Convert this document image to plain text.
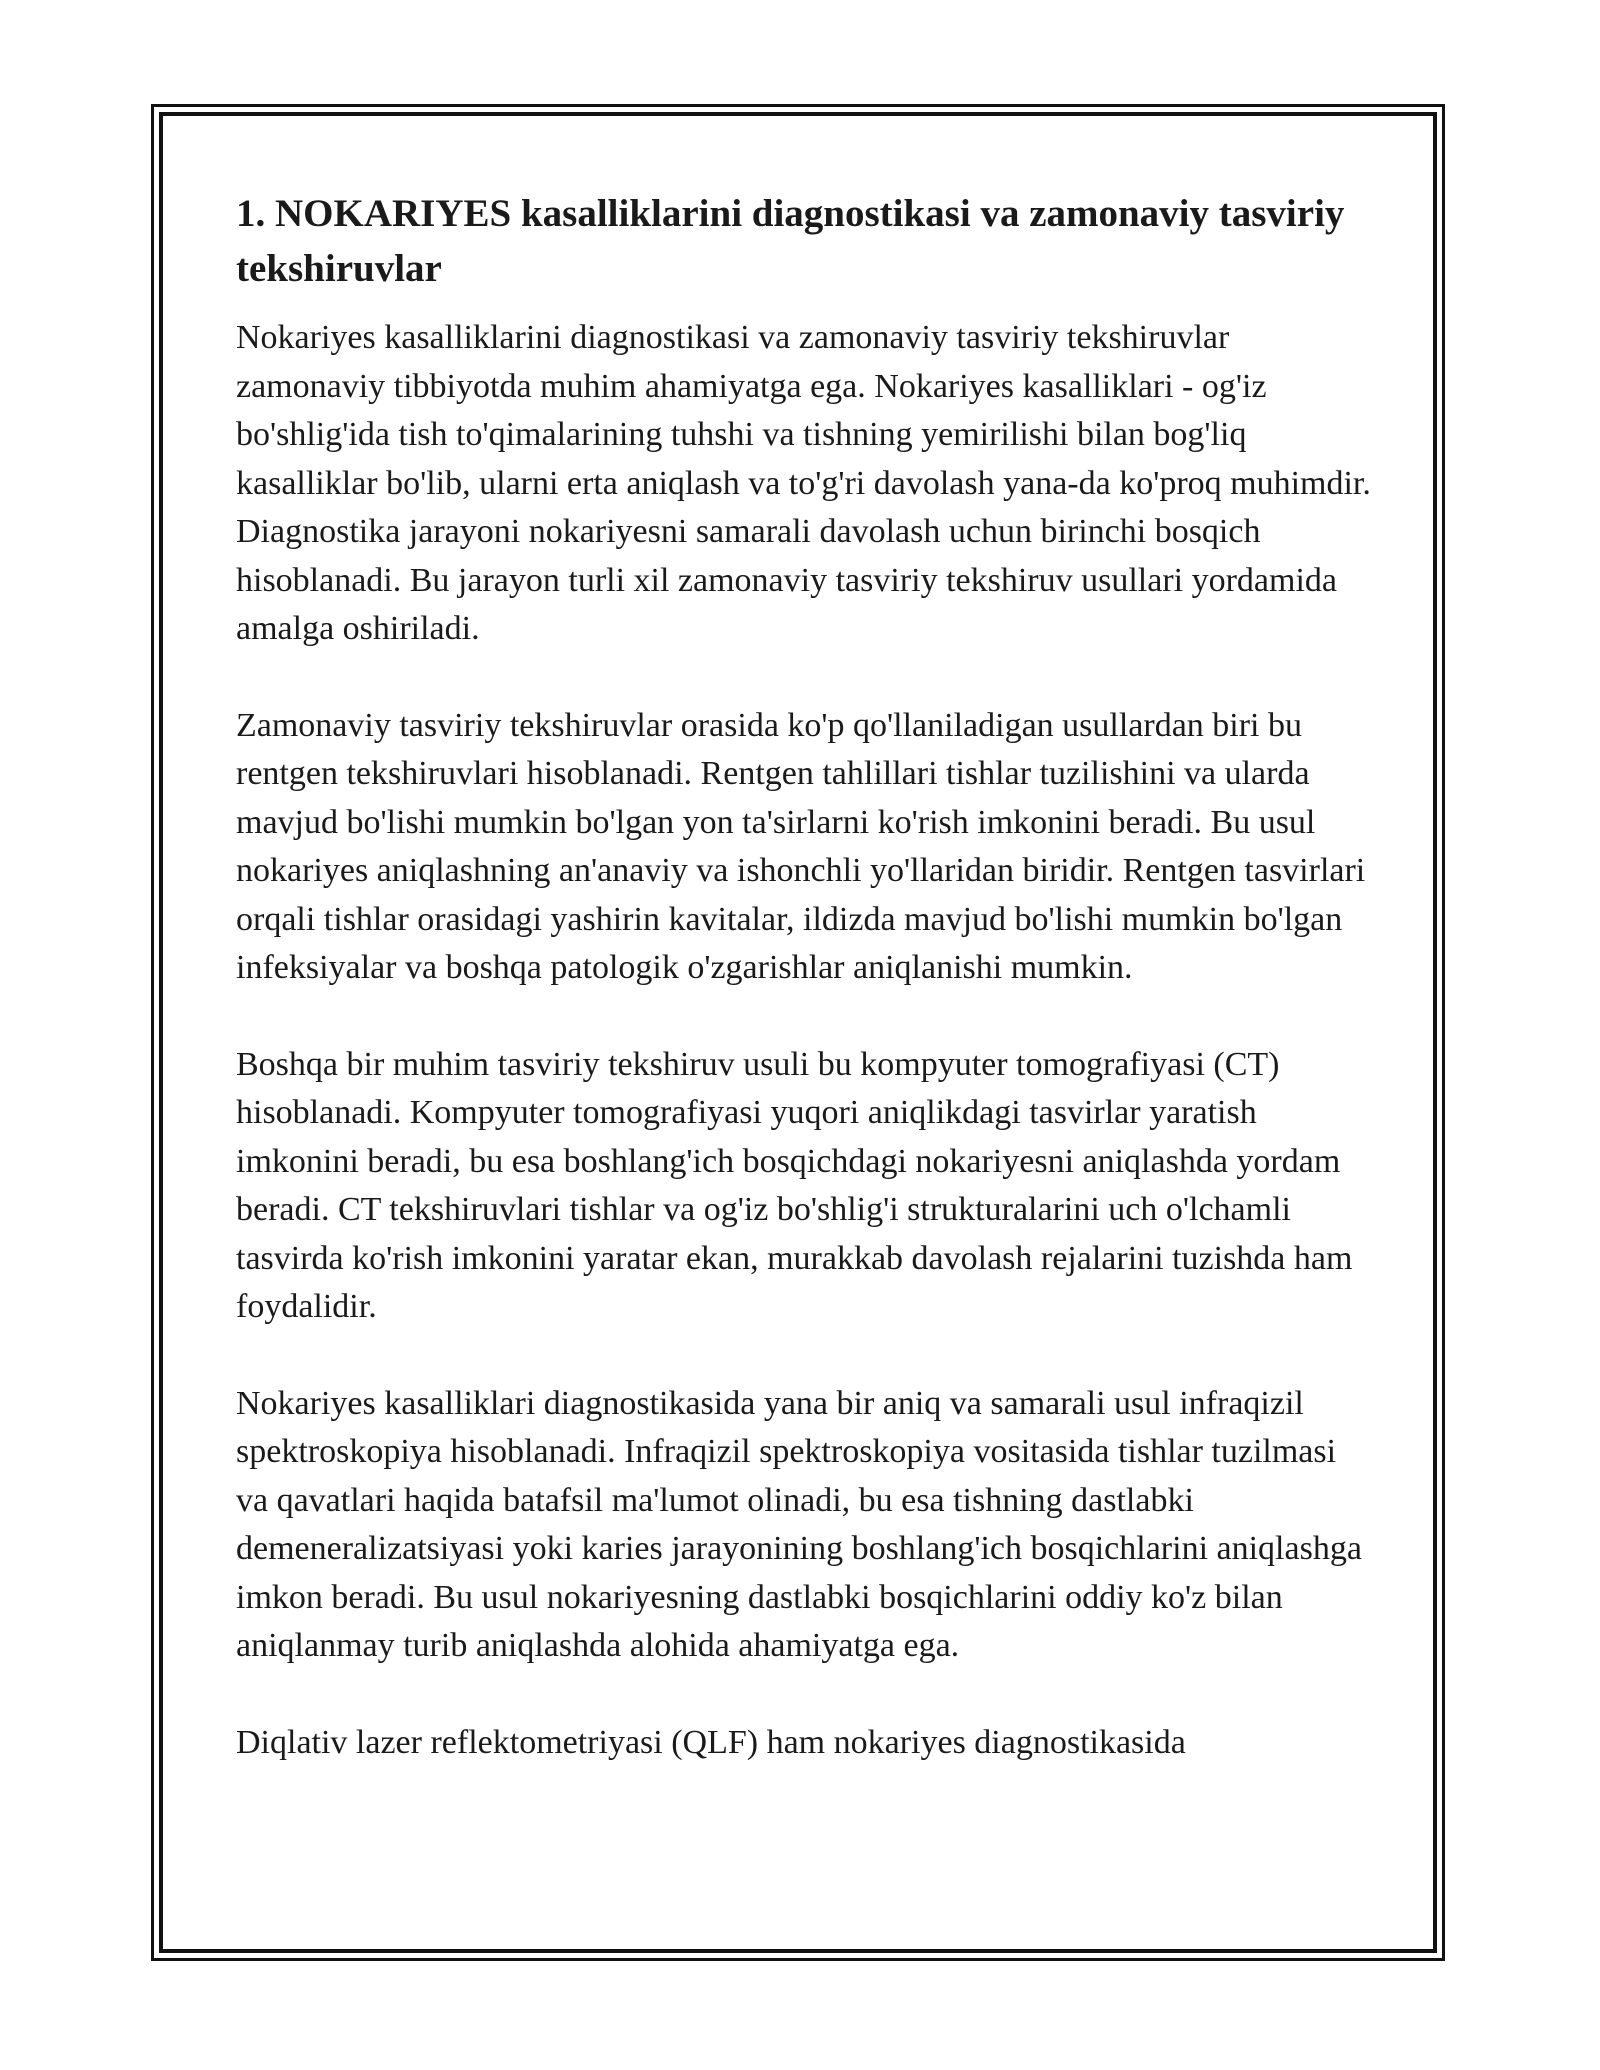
1. NOKARIYES kasalliklarini diagnostikasi va zamonaviy tasviriy tekshiruvlar

Nokariyes kasalliklarini diagnostikasi va zamonaviy tasviriy tekshiruvlar zamonaviy tibbiyotda muhim ahamiyatga ega. Nokariyes kasalliklari - og'iz bo'shlig'ida tish to'qimalarining tuhshi va tishning yemirilishi bilan bog'liq kasalliklar bo'lib, ularni erta aniqlash va to'g'ri davolash yana-da ko'proq muhimdir. Diagnostika jarayoni nokariyesni samarali davolash uchun birinchi bosqich hisoblanadi. Bu jarayon turli xil zamonaviy tasviriy tekshiruv usullari yordamida amalga oshiriladi.

Zamonaviy tasviriy tekshiruvlar orasida ko'p qo'llaniladigan usullardan biri bu rentgen tekshiruvlari hisoblanadi. Rentgen tahlillari tishlar tuzilishini va ularda mavjud bo'lishi mumkin bo'lgan yon ta'sirlarni ko'rish imkonini beradi. Bu usul nokariyes aniqlashning an'anaviy va ishonchli yo'llaridan biridir. Rentgen tasvirlari orqali tishlar orasidagi yashirin kavitalar, ildizda mavjud bo'lishi mumkin bo'lgan infeksiyalar va boshqa patologik o'zgarishlar aniqlanishi mumkin.

Boshqa bir muhim tasviriy tekshiruv usuli bu kompyuter tomografiyasi (CT) hisoblanadi. Kompyuter tomografiyasi yuqori aniqlikdagi tasvirlar yaratish imkonini beradi, bu esa boshlang'ich bosqichdagi nokariyesni aniqlashda yordam beradi. CT tekshiruvlari tishlar va og'iz bo'shlig'i strukturalarini uch o'lchamli tasvirda ko'rish imkonini yaratar ekan, murakkab davolash rejalarini tuzishda ham foydalidir.

Nokariyes kasalliklari diagnostikasida yana bir aniq va samarali usul infraqizil spektroskopiya hisoblanadi. Infraqizil spektroskopiya vositasida tishlar tuzilmasi va qavatlari haqida batafsil ma'lumot olinadi, bu esa tishning dastlabki demeneralizatsiyasi yoki karies jarayonining boshlang'ich bosqichlarini aniqlashga imkon beradi. Bu usul nokariyesning dastlabki bosqichlarini oddiy ko'z bilan aniqlanmay turib aniqlashda alohida ahamiyatga ega.

Diqlativ lazer reflektometriyasi (QLF) ham nokariyes diagnostikasida
